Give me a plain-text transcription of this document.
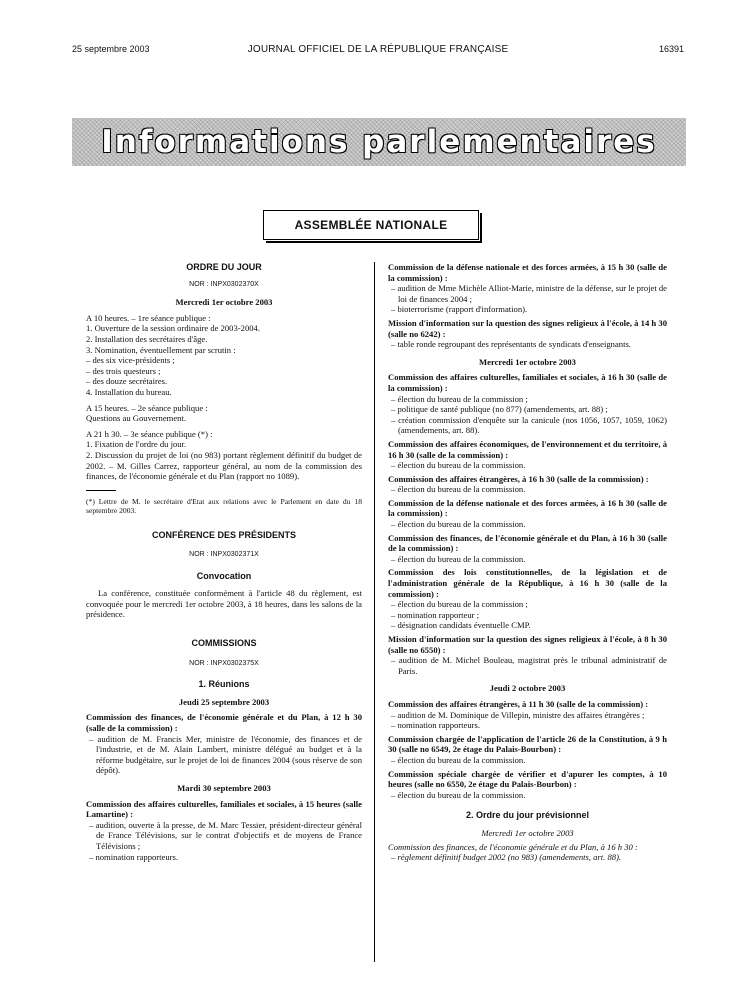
25 septembre 2003	JOURNAL OFFICIEL DE LA RÉPUBLIQUE FRANÇAISE	16391
Informations parlementaires
ASSEMBLÉE NATIONALE

ORDRE DU JOUR

NOR : INPX0302370X

Mercredi 1er octobre 2003

A 10 heures. – 1re séance publique :

1. Ouverture de la session ordinaire de 2003-2004.

2. Installation des secrétaires d'âge.

3. Nomination, éventuellement par scrutin :

– des six vice-présidents ;

– des trois questeurs ;

– des douze secrétaires.

4. Installation du bureau.

A 15 heures. – 2e séance publique :

Questions au Gouvernement.

A 21 h 30. – 3e séance publique (*) :

1. Fixation de l'ordre du jour.

2. Discussion du projet de loi (no 983) portant règlement définitif du budget de 2002. – M. Gilles Carrez, rapporteur général, au nom de la commission des finances, de l'économie générale et du Plan (rapport no 1089).

(*) Lettre de M. le secrétaire d'Etat aux relations avec le Parlement en date du 18 septembre 2003.

CONFÉRENCE DES PRÉSIDENTS

NOR : INPX0302371X

Convocation

La conférence, constituée conformément à l'article 48 du règlement, est convoquée pour le mercredi 1er octobre 2003, à 18 heures, dans les salons de la présidence.

COMMISSIONS

NOR : INPX0302375X

1. Réunions

Jeudi 25 septembre 2003

Commission des finances, de l'économie générale et du Plan, à 12 h 30 (salle de la commission) :

– audition de M. Francis Mer, ministre de l'économie, des finances et de l'industrie, et de M. Alain Lambert, ministre délégué au budget et à la réforme budgétaire, sur le projet de loi de finances 2004 (sous réserve de son dépôt).

Mardi 30 septembre 2003

Commission des affaires culturelles, familiales et sociales, à 15 heures (salle Lamartine) :

– audition, ouverte à la presse, de M. Marc Tessier, président-directeur général de France Télévisions, sur le contrat d'objectifs et de moyens de France Télévisions ;

– nomination rapporteurs.

Commission de la défense nationale et des forces armées, à 15 h 30 (salle de la commission) :

– audition de Mme Michèle Alliot-Marie, ministre de la défense, sur le projet de loi de finances 2004 ;

– bioterrorisme (rapport d'information).

Mission d'information sur la question des signes religieux à l'école, à 14 h 30 (salle no 6242) :

– table ronde regroupant des représentants de syndicats d'enseignants.

Mercredi 1er octobre 2003

Commission des affaires culturelles, familiales et sociales, à 16 h 30 (salle de la commission) :

– élection du bureau de la commission ;

– politique de santé publique (no 877) (amendements, art. 88) ;

– création commission d'enquête sur la canicule (nos 1056, 1057, 1059, 1062) (amendements, art. 88).

Commission des affaires économiques, de l'environnement et du territoire, à 16 h 30 (salle de la commission) :

– élection du bureau de la commission.

Commission des affaires étrangères, à 16 h 30 (salle de la commission) :

– élection du bureau de la commission.

Commission de la défense nationale et des forces armées, à 16 h 30 (salle de la commission) :

– élection du bureau de la commission.

Commission des finances, de l'économie générale et du Plan, à 16 h 30 (salle de la commission) :

– élection du bureau de la commission.

Commission des lois constitutionnelles, de la législation et de l'administration générale de la République, à 16 h 30 (salle de la commission) :

– élection du bureau de la commission ;

– nomination rapporteur ;

– désignation candidats éventuelle CMP.

Mission d'information sur la question des signes religieux à l'école, à 8 h 30 (salle no 6550) :

– audition de M. Michel Bouleau, magistrat près le tribunal administratif de Paris.

Jeudi 2 octobre 2003

Commission des affaires étrangères, à 11 h 30 (salle de la commission) :

– audition de M. Dominique de Villepin, ministre des affaires étrangères ;

– nomination rapporteurs.

Commission chargée de l'application de l'article 26 de la Constitution, à 9 h 30 (salle no 6549, 2e étage du Palais-Bourbon) :

– élection du bureau de la commission.

Commission spéciale chargée de vérifier et d'apurer les comptes, à 10 heures (salle no 6550, 2e étage du Palais-Bourbon) :

– élection du bureau de la commission.

2. Ordre du jour prévisionnel

Mercredi 1er octobre 2003

Commission des finances, de l'économie générale et du Plan, à 16 h 30 :

– règlement définitif budget 2002 (no 983) (amendements, art. 88).
